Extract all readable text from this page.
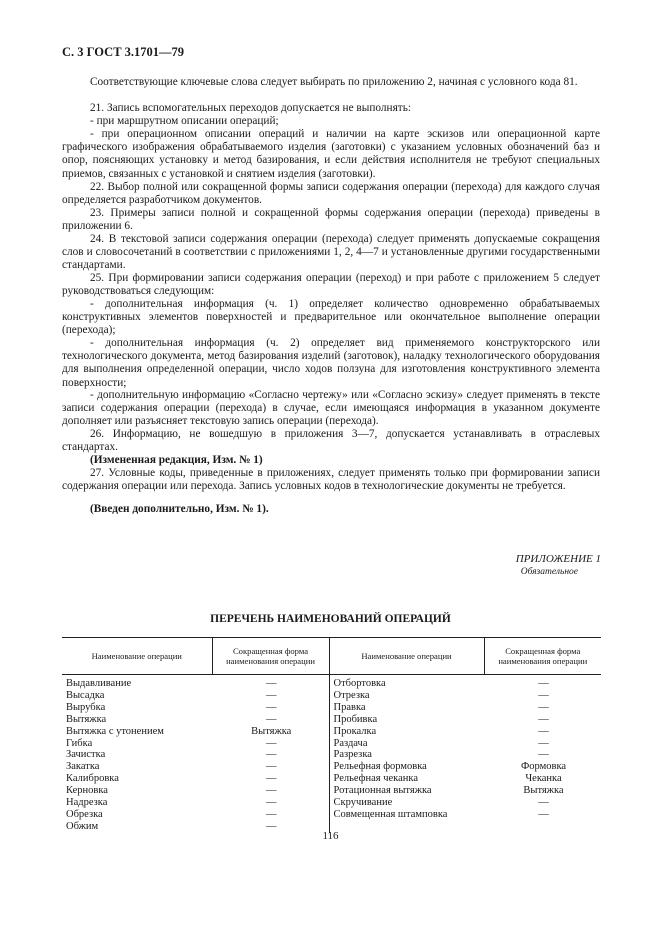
С. 3 ГОСТ 3.1701—79

Соответствующие ключевые слова следует выбирать по приложению 2, начиная с условного кода 81.

21. Запись вспомогательных переходов допускается не выполнять:

- при маршрутном описании операций;

- при операционном описании операций и наличии на карте эскизов или операционной карте графического изображения обрабатываемого изделия (заготовки) с указанием условных обозначений баз и опор, поясняющих установку и метод базирования, и если действия исполнителя не требуют специальных приемов, связанных с установкой и снятием изделия (заготовки).

22. Выбор полной или сокращенной формы записи содержания операции (перехода) для каждого случая определяется разработчиком документов.

23. Примеры записи полной и сокращенной формы содержания операции (перехода) приведены в приложении 6.

24. В текстовой записи содержания операции (перехода) следует применять допускаемые сокращения слов и словосочетаний в соответствии с приложениями 1, 2, 4—7 и установленные другими государственными стандартами.

25. При формировании записи содержания операции (переход) и при работе с приложением 5 следует руководствоваться следующим:

- дополнительная информация (ч. 1) определяет количество одновременно обрабатываемых конструктивных элементов поверхностей и предварительное или окончательное выполнение операции (перехода);

- дополнительная информация (ч. 2) определяет вид применяемого конструкторского или технологического документа, метод базирования изделий (заготовок), наладку технологического оборудования для выполнения определенной операции, число ходов ползуна для изготовления конструктивного элемента поверхности;

- дополнительную информацию «Согласно чертежу» или «Согласно эскизу» следует применять в тексте записи содержания операции (перехода) в случае, если имеющаяся информация в указанном документе дополняет или разъясняет текстовую запись операции (перехода).

26. Информацию, не вошедшую в приложения 3—7, допускается устанавливать в отраслевых стандартах.

(Измененная редакция, Изм. № 1)

27. Условные коды, приведенные в приложениях, следует применять только при формировании записи содержания операции или перехода. Запись условных кодов в технологические документы не требуется.

(Введен дополнительно, Изм. № 1).

ПРИЛОЖЕНИЕ 1
Обязательное
ПЕРЕЧЕНЬ НАИМЕНОВАНИЙ ОПЕРАЦИЙ
Наименование операции	Сокращенная форма наименования операции	Наименование операции	Сокращенная форма наименования операции
Выдавливание	—	Отбортовка	—
Высадка	—	Отрезка	—
Вырубка	—	Правка	—
Вытяжка	—	Пробивка	—
Вытяжка с утонением	Вытяжка	Прокалка	—
Гибка	—	Раздача	—
Зачистка	—	Разрезка	—
Закатка	—	Рельефная формовка	Формовка
Калибровка	—	Рельефная чеканка	Чеканка
Керновка	—	Ротационная вытяжка	Вытяжка
Надрезка	—	Скручивание	—
Обрезка	—	Совмещенная штамповка	—
Обжим	—		
116
